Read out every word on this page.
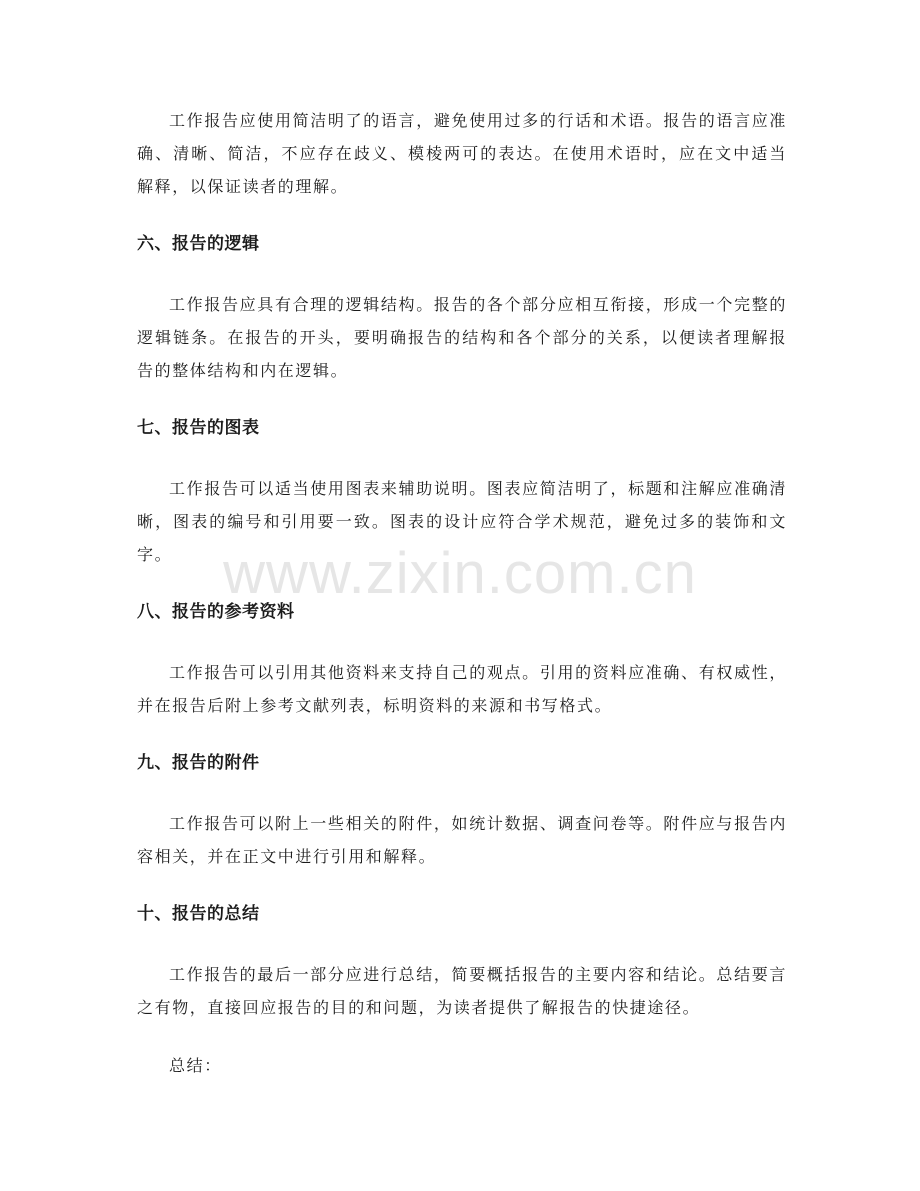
www.zixin.com.cn

工作报告应使用简洁明了的语言，避免使用过多的行话和术语。报告的语言应准确、清晰、简洁，不应存在歧义、模棱两可的表达。在使用术语时，应在文中适当解释，以保证读者的理解。

六、报告的逻辑

工作报告应具有合理的逻辑结构。报告的各个部分应相互衔接，形成一个完整的逻辑链条。在报告的开头，要明确报告的结构和各个部分的关系，以便读者理解报告的整体结构和内在逻辑。

七、报告的图表

工作报告可以适当使用图表来辅助说明。图表应简洁明了，标题和注解应准确清晰，图表的编号和引用要一致。图表的设计应符合学术规范，避免过多的装饰和文字。

八、报告的参考资料

工作报告可以引用其他资料来支持自己的观点。引用的资料应准确、有权威性，并在报告后附上参考文献列表，标明资料的来源和书写格式。

九、报告的附件

工作报告可以附上一些相关的附件，如统计数据、调查问卷等。附件应与报告内容相关，并在正文中进行引用和解释。

十、报告的总结

工作报告的最后一部分应进行总结，简要概括报告的主要内容和结论。总结要言之有物，直接回应报告的目的和问题，为读者提供了解报告的快捷途径。

总结：
